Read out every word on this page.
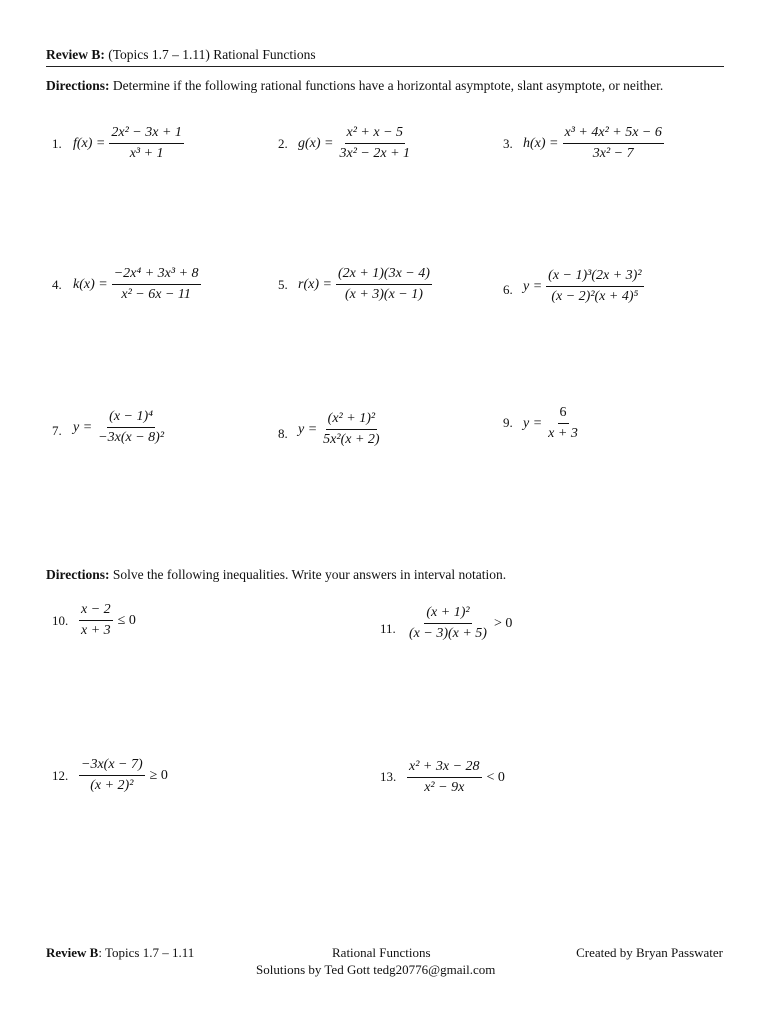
Review B: (Topics 1.7 – 1.11) Rational Functions
Directions: Determine if the following rational functions have a horizontal asymptote, slant asymptote, or neither.
1. $f(x) = \frac{\text{2x² − 3x + 1}}{\text{x³ + 1}}$	2. $g(x) = \frac{\text{x² + x − 5}}{\text{3x² − 2x + 1}}$	3. $h(x) = \frac{\text{x³ + 4x² + 5x − 6}}{\text{3x² − 7}}$
4. $k(x) = \frac{\text{−2x⁴ + 3x³ + 8}}{\text{x² − 6x − 11}}$	5. $r(x) = \frac{(2x + 1)(3x - 4)}{(x + 3)(x - 1)}$	6. $y = \frac{\text{(x − 1)³(2x + 3)²}}{\text{(x − 2)²(x + 4)⁵}}$
7. $y = \frac{\text{(x − 1)⁴}}{\text{−3x(x − 8)²}}$	8. $y = \frac{\text{(x² + 1)²}}{\text{5x²(x + 2)}}$	9. $y = \frac{6}{x + 3}$
Directions: Solve the following inequalities. Write your answers in interval notation.
10. $\frac{x - 2}{x + 3} \le 0$
11. $\frac{\text{(x + 1)²}}{(x - 3)(x + 5)} > 0$
12. $\frac{-3x(x - 7)}{\text{(x + 2)²}} \ge 0$	13. $\frac{\text{x² + 3x − 28}}{\text{x² − 9x}} < 0$
Review B: Topics 1.7 – 1.11	Rational Functions	Created by Bryan Passwater
Solutions by Ted Gott tedg20776@gmail.com
